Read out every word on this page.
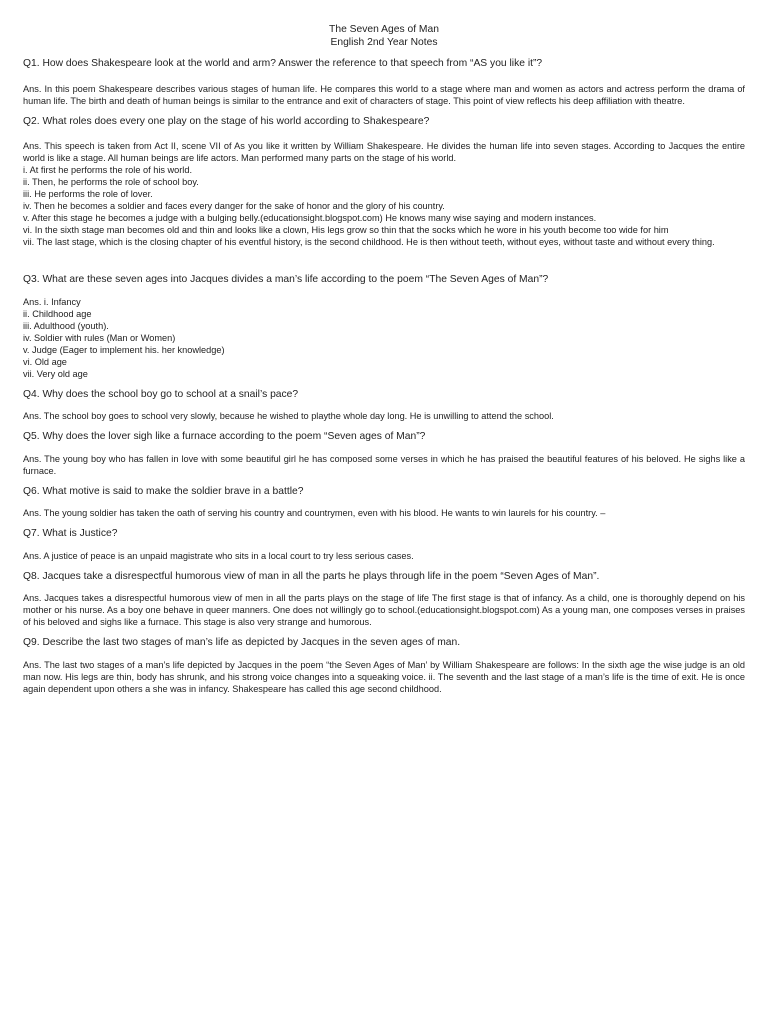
The Seven Ages of Man
English 2nd Year Notes

Q1. How does Shakespeare look at the world and arm? Answer the reference to that speech from “AS you like it”?

Ans. In this poem Shakespeare describes various stages of human life. He compares this world to a stage where man and women as actors and actress perform the drama of human life. The birth and death of human beings is similar to the entrance and exit of characters of stage. This point of view reflects his deep affiliation with theatre.

Q2. What roles does every one play on the stage of his world according to Shakespeare?

Ans. This speech is taken from Act II, scene VII of As you like it written by William Shakespeare. He divides the human life into seven stages. According to Jacques the entire world is like a stage. All human beings are life actors. Man performed many parts on the stage of his world.
i. At first he performs the role of his world.
ii. Then, he performs the role of school boy.
iii. He performs the role of lover.
iv. Then he becomes a soldier and faces every danger for the sake of honor and the glory of his country.
v. After this stage he becomes a judge with a bulging belly.(educationsight.blogspot.com) He knows many wise saying and modern instances.
vi. In the sixth stage man becomes old and thin and looks like a clown, His legs grow so thin that the socks which he wore in his youth become too wide for him
vii. The last stage, which is the closing chapter of his eventful history, is the second childhood. He is then without teeth, without eyes, without taste and without every thing.

Q3. What are these seven ages into Jacques divides a man’s life according to the poem “The Seven Ages of Man”?

Ans. i. Infancy
ii. Childhood age
iii. Adulthood (youth).
iv. Soldier with rules (Man or Women)
v. Judge (Eager to implement his. her knowledge)
vi. Old age
vii. Very old age

Q4. Why does the school boy go to school at a snail’s pace?

Ans. The school boy goes to school very slowly, because he wished to playthe whole day long. He is unwilling to attend the school.

Q5. Why does the lover sigh like a furnace according to the poem “Seven ages of Man”?

Ans. The young boy who has fallen in love with some beautiful girl he has composed some verses in which he has praised the beautiful features of his beloved. He sighs like a furnace.

Q6. What motive is said to make the soldier brave in a battle?

Ans. The young soldier has taken the oath of serving his country and countrymen, even with his blood. He wants to win laurels for his country. –

Q7. What is Justice?

Ans. A justice of peace is an unpaid magistrate who sits in a local court to try less serious cases.

Q8. Jacques take a disrespectful humorous view of man in all the parts he plays through life in the poem “Seven Ages of Man”.

Ans. Jacques takes a disrespectful humorous view of men in all the parts plays on the stage of life The first stage is that of infancy. As a child, one is thoroughly depend on his mother or his nurse. As a boy one behave in queer manners. One does not willingly go to school.(educationsight.blogspot.com) As a young man, one composes verses in praises of his beloved and sighs like a furnace. This stage is also very strange and humorous.

Q9. Describe the last two stages of man’s life as depicted by Jacques in the seven ages of man.

Ans. The last two stages of a man’s life depicted by Jacques in the poem “the Seven Ages of Man’ by William Shakespeare are follows: In the sixth age the wise judge is an old man now. His legs are thin, body has shrunk, and his strong voice changes into a squeaking voice. ii. The seventh and the last stage of a man’s life is the time of exit. He is once again dependent upon others a she was in infancy. Shakespeare has called this age second childhood.
